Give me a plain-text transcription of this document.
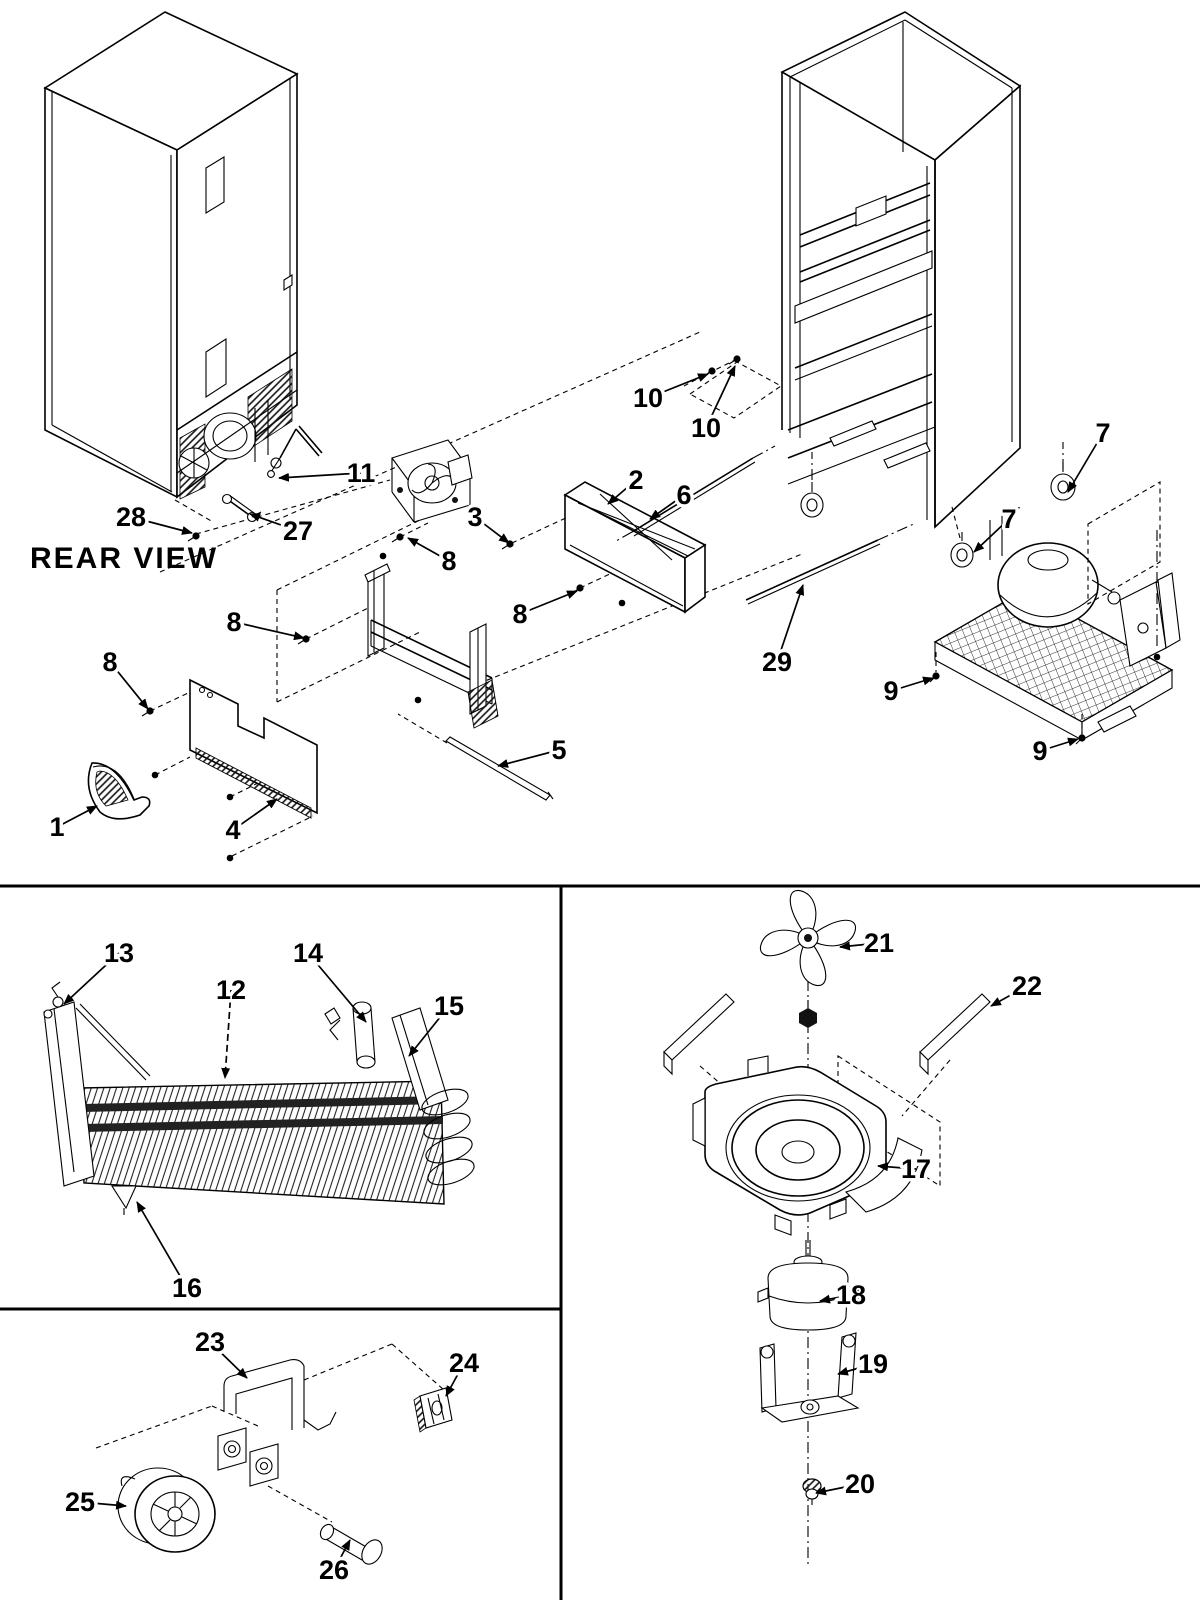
1
2
3
4
5
6
7
7
8
8
8
8
9
9
10
10
11
12
13	14
15
16
17
18
19
20
21
22
23
24
25
26
27
28
29
REAR VIEW
